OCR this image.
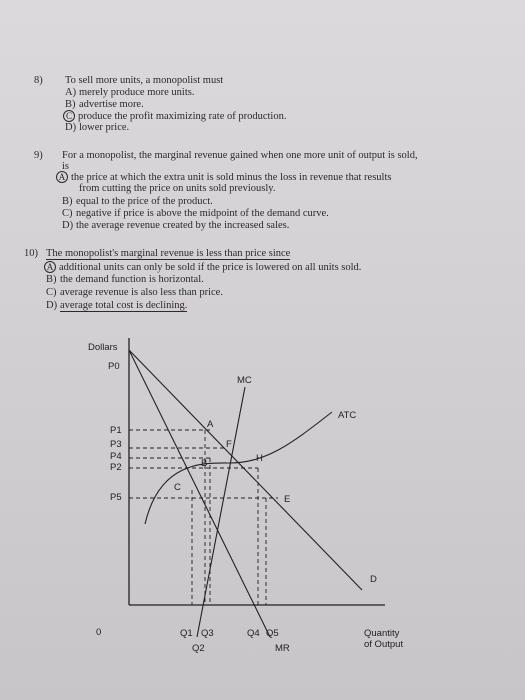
8) To sell more units, a monopolist must
A) merely produce more units.
B) advertise more.
C produce the profit maximizing rate of production.
D) lower price.
9) For a monopolist, the marginal revenue gained when one more unit of output is sold,
is
A the price at which the extra unit is sold minus the loss in revenue that results
from cutting the price on units sold previously.
B) equal to the price of the product.
C) negative if price is above the midpoint of the demand curve.
D) the average revenue created by the increased sales.
10) The monopolist's marginal revenue is less than price since
A additional units can only be sold if the price is lowered on all units sold.
B) the demand function is horizontal.
C) average revenue is also less than price.
D) average total cost is declining.
Dollars
P0
P1
P3
P4
P2
P5
0	Q1 Q3
Q2
Q4 Q5
MC
ATC
D
MR
A
B
C
E
F
H
Quantity
of Output
